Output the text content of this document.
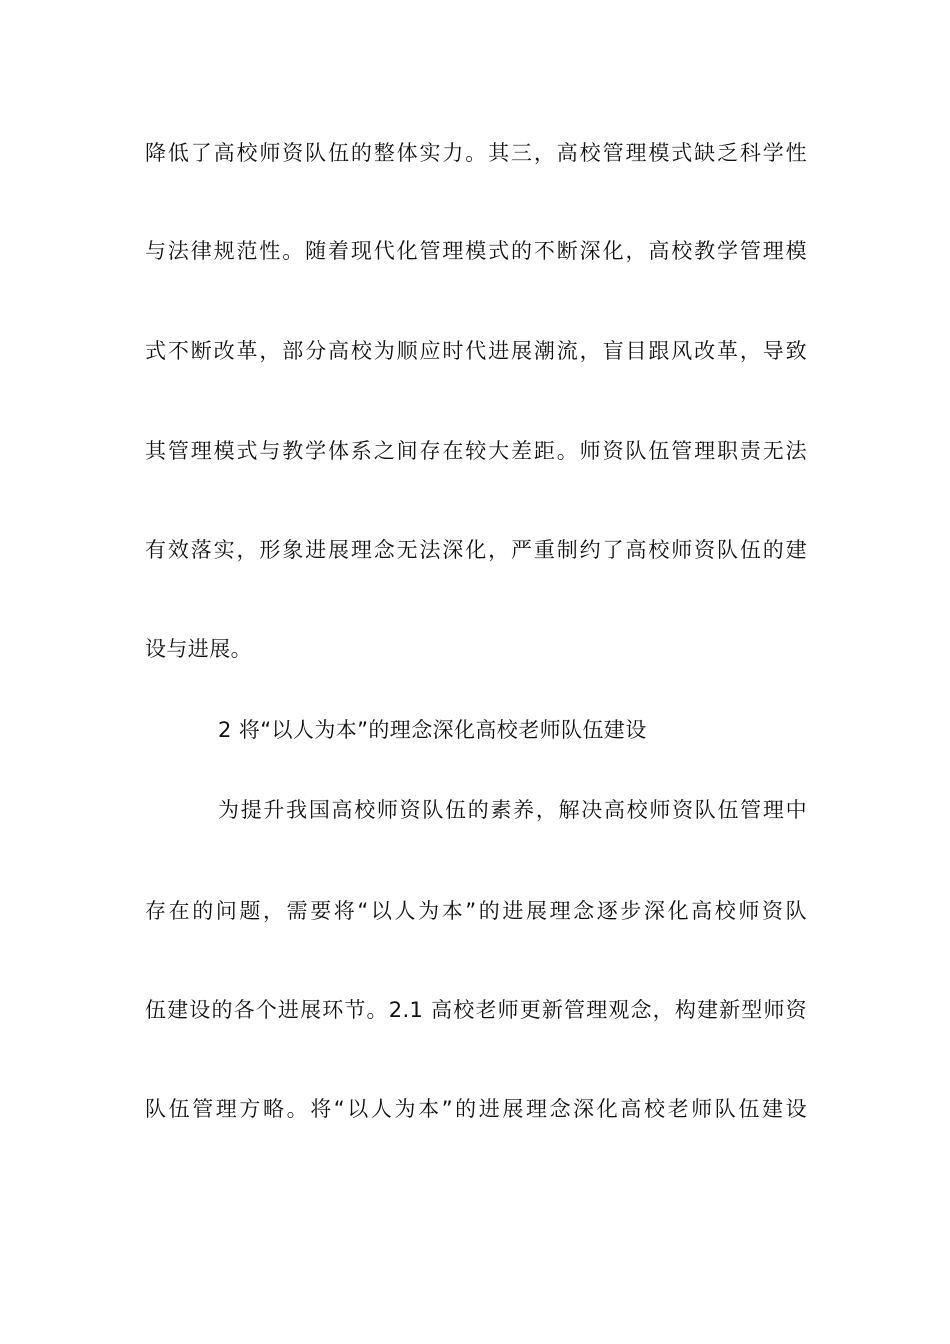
降低了高校师资队伍的整体实力。其三，高校管理模式缺乏科学性
与法律规范性。随着现代化管理模式的不断深化，高校教学管理模
式不断改革，部分高校为顺应时代进展潮流，盲目跟风改革，导致
其管理模式与教学体系之间存在较大差距。师资队伍管理职责无法
有效落实，形象进展理念无法深化，严重制约了高校师资队伍的建
设与进展。
2 将“以人为本”的理念深化高校老师队伍建设
为提升我国高校师资队伍的素养，解决高校师资队伍管理中
存在的问题，需要将“以人为本”的进展理念逐步深化高校师资队
伍建设的各个进展环节。2.1 高校老师更新管理观念，构建新型师资
队伍管理方略。将“以人为本”的进展理念深化高校老师队伍建设
